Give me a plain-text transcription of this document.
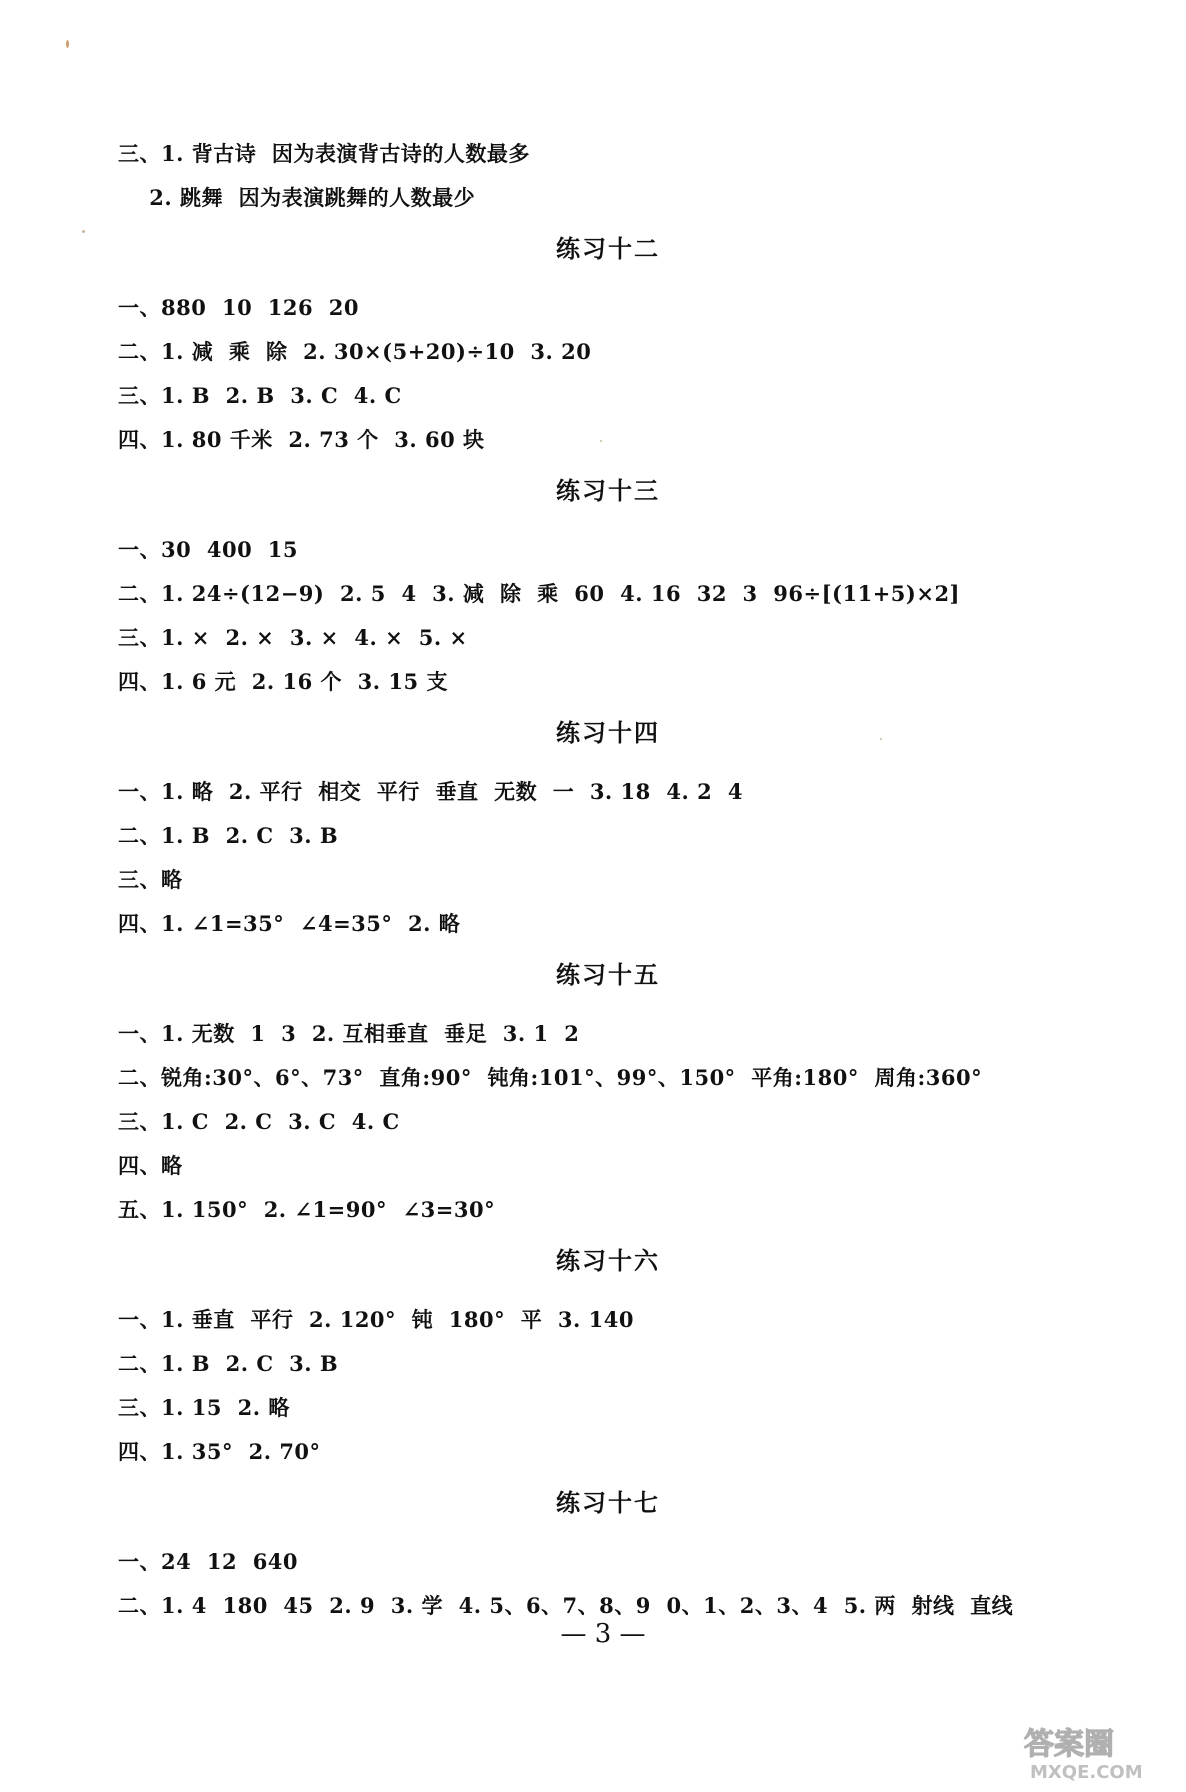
三、1. 背古诗  因为表演背古诗的人数最多
2. 跳舞  因为表演跳舞的人数最少
练习十二
一、880  10  126  20
二、1. 减  乘  除  2. 30×(5+20)÷10  3. 20
三、1. B  2. B  3. C  4. C
四、1. 80 千米  2. 73 个  3. 60 块
练习十三
一、30  400  15
二、1. 24÷(12−9)  2. 5  4  3. 减  除  乘  60  4. 16  32  3  96÷[(11+5)×2]
三、1. ×  2. ×  3. ×  4. ×  5. ×
四、1. 6 元  2. 16 个  3. 15 支
练习十四
一、1. 略  2. 平行  相交  平行  垂直  无数  一  3. 18  4. 2  4
二、1. B  2. C  3. B
三、略
四、1. ∠1=35°  ∠4=35°  2. 略
练习十五
一、1. 无数  1  3  2. 互相垂直  垂足  3. 1  2
二、锐角:30°、6°、73°  直角:90°  钝角:101°、99°、150°  平角:180°  周角:360°
三、1. C  2. C  3. C  4. C
四、略
五、1. 150°  2. ∠1=90°  ∠3=30°
练习十六
一、1. 垂直  平行  2. 120°  钝  180°  平  3. 140
二、1. B  2. C  3. B
三、1. 15  2. 略
四、1. 35°  2. 70°
练习十七
一、24  12  640
二、1. 4  180  45  2. 9  3. 学  4. 5、6、7、8、9  0、1、2、3、4  5. 两  射线  直线
— 3 —
答案圈
MXQE.COM
